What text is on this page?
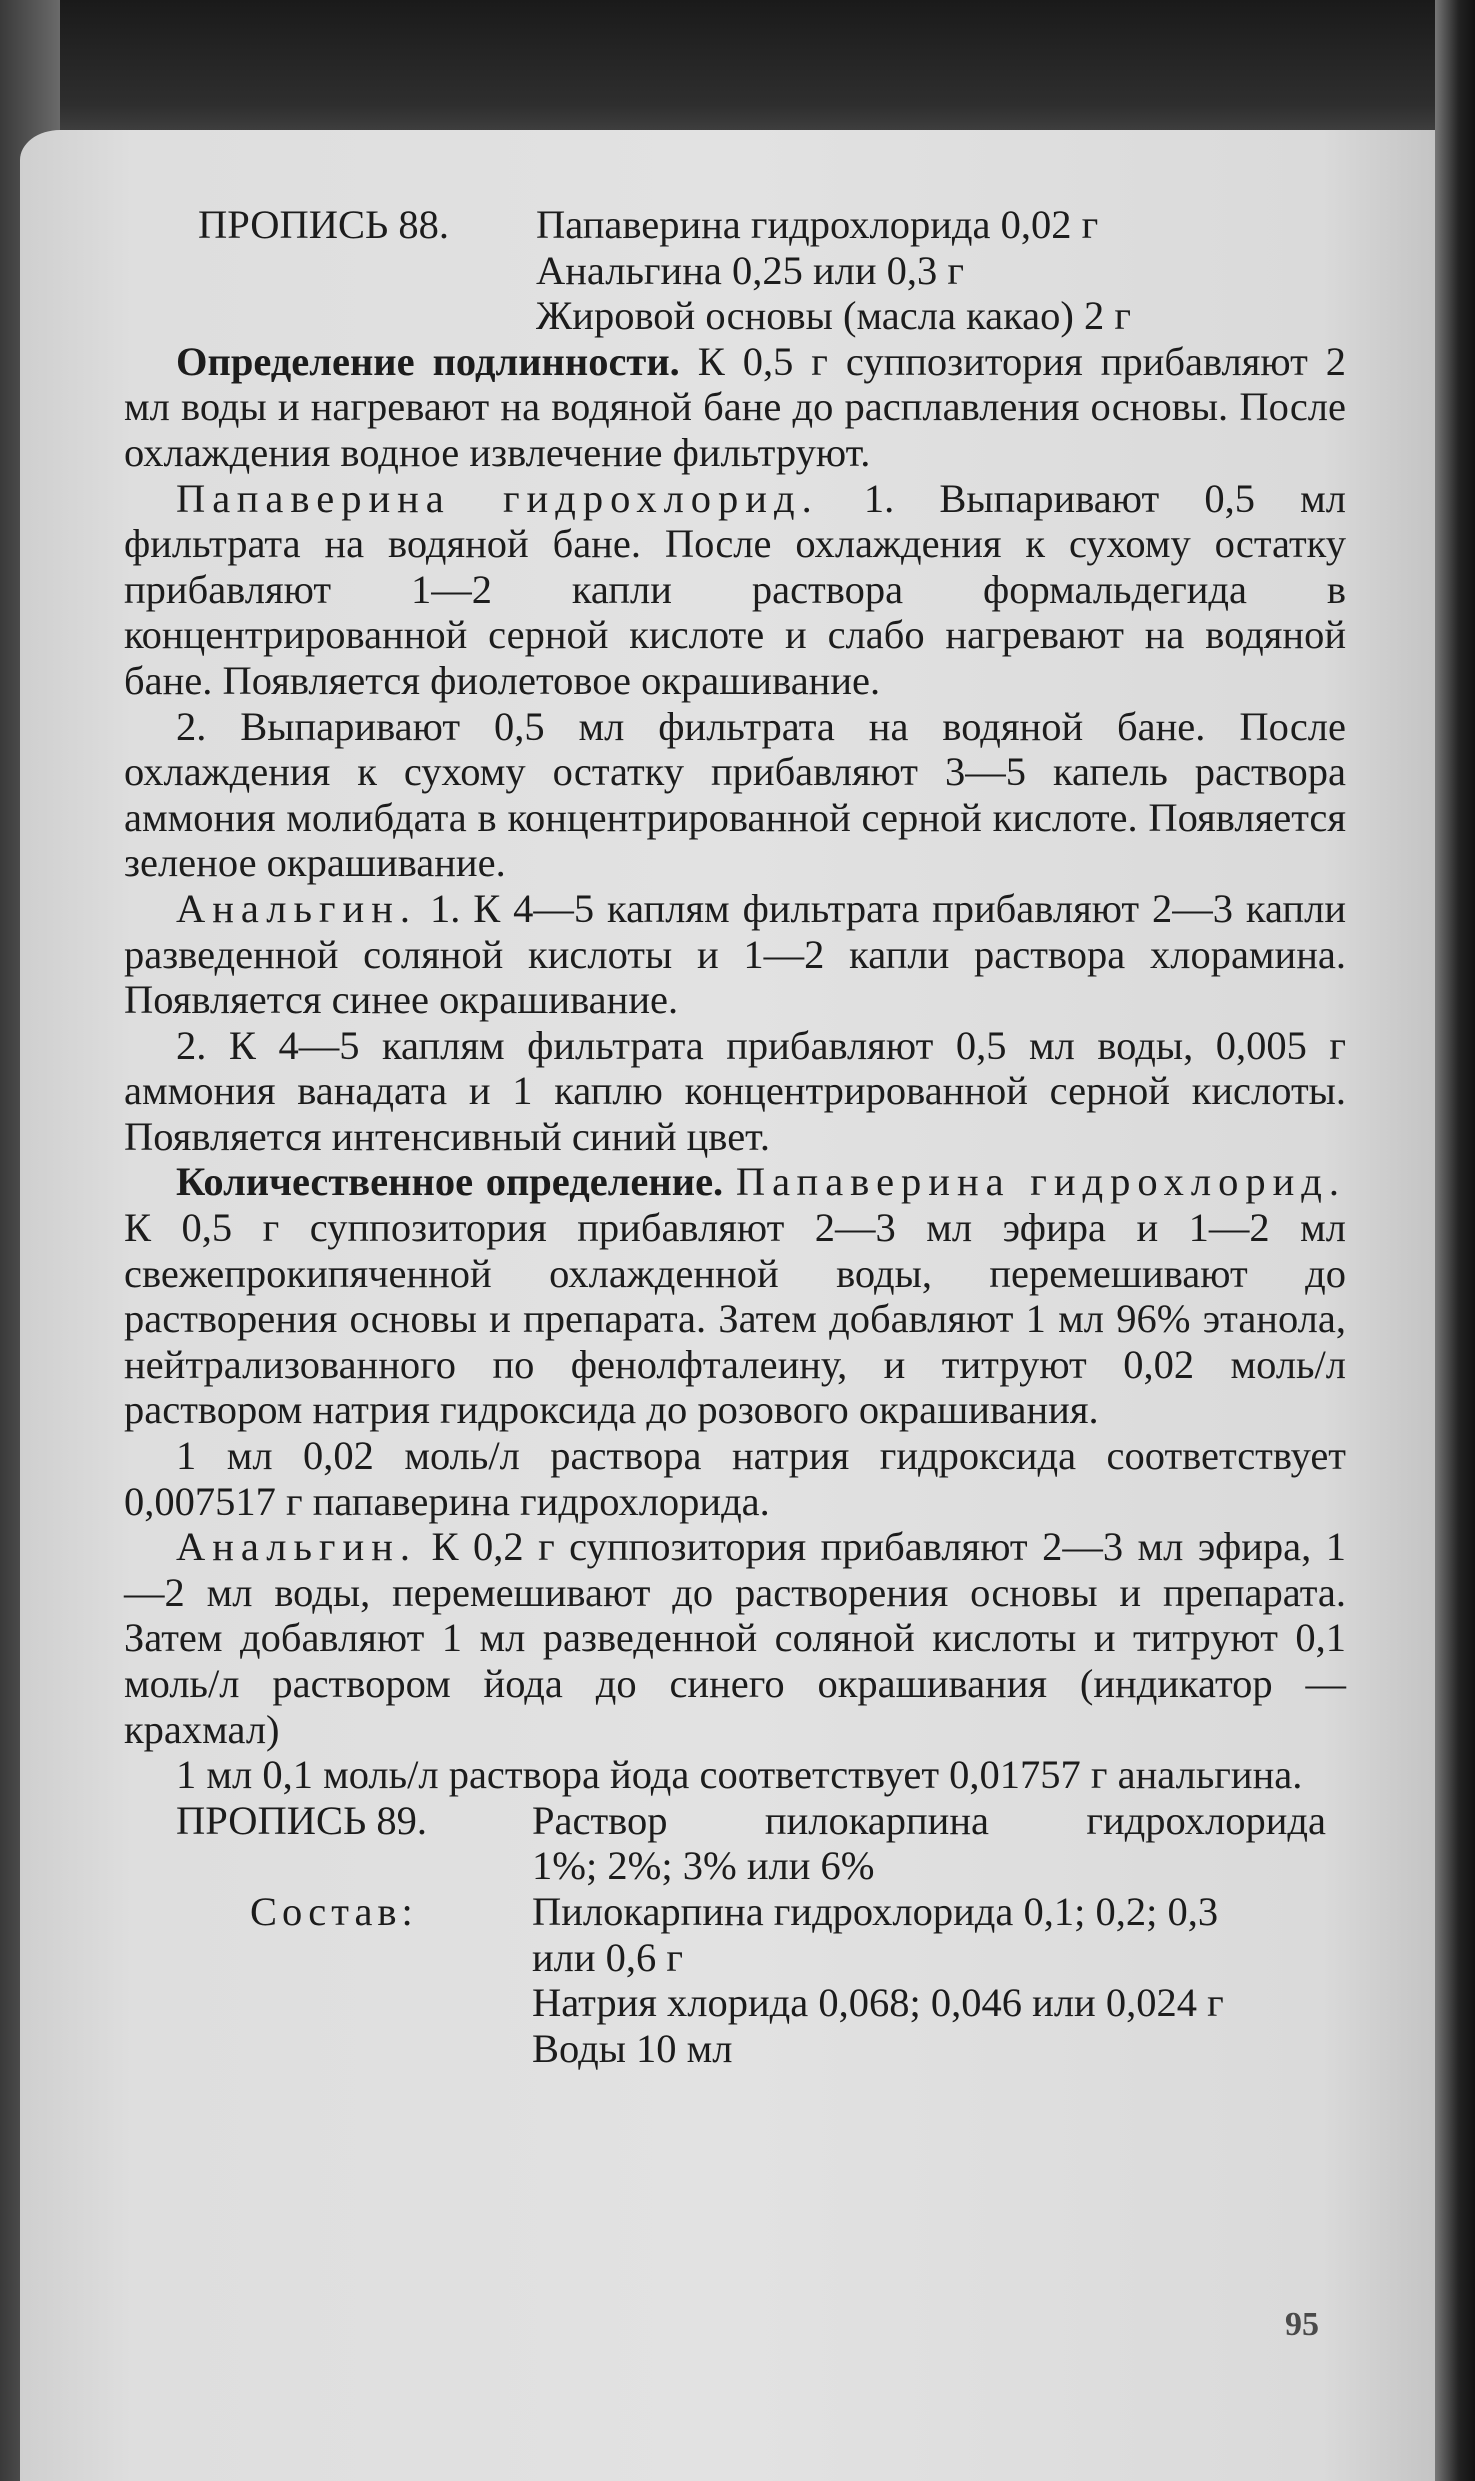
ПРОПИСЬ 88.	Папаверина гидрохлорида 0,02 г
Анальгина 0,25 или 0,3 г
Жировой основы (масла какао) 2 г

Определение подлинности. К 0,5 г суппозитория прибавляют 2 мл воды и нагревают на водяной бане до расплавления основы. После охлаждения водное извлечение фильтруют.

Папаверина гидрохлорид. 1. Выпаривают 0,5 мл фильтрата на водяной бане. После охлаждения к сухому остатку прибавляют 1—2 капли раствора формальдегида в концентрированной серной кислоте и слабо нагревают на водяной бане. Появляется фиолетовое окрашивание.

2. Выпаривают 0,5 мл фильтрата на водяной бане. После охлаждения к сухому остатку прибавляют 3—5 капель раствора аммония молибдата в концентрированной серной кислоте. Появляется зеленое окрашивание.

Анальгин. 1. К 4—5 каплям фильтрата прибавляют 2—3 капли разведенной соляной кислоты и 1—2 капли раствора хлорамина. Появляется синее окрашивание.

2. К 4—5 каплям фильтрата прибавляют 0,5 мл воды, 0,005 г аммония ванадата и 1 каплю концентрированной серной кислоты. Появляется интенсивный синий цвет.

Количественное определение. Папаверина гидрохлорид. К 0,5 г суппозитория прибавляют 2—3 мл эфира и 1—2 мл свежепрокипяченной охлажденной воды, перемешивают до растворения основы и препарата. Затем добавляют 1 мл 96% этанола, нейтрализованного по фенолфталеину, и титруют 0,02 моль/л раствором натрия гидроксида до розового окрашивания.

1 мл 0,02 моль/л раствора натрия гидроксида соответствует 0,007517 г папаверина гидрохлорида.

Анальгин. К 0,2 г суппозитория прибавляют 2—3 мл эфира, 1—2 мл воды, перемешивают до растворения основы и препарата. Затем добавляют 1 мл разведенной соляной кислоты и титруют 0,1 моль/л раствором йода до синего окрашивания (индикатор — крахмал)

1 мл 0,1 моль/л раствора йода соответствует 0,01757 г анальгина.

ПРОПИСЬ 89.	Раствор пилокарпина гидрохлорида
1%; 2%; 3% или 6%
Состав:	Пилокарпина гидрохлорида 0,1; 0,2; 0,3
или 0,6 г
Натрия хлорида 0,068; 0,046 или 0,024 г
Воды 10 мл
95
